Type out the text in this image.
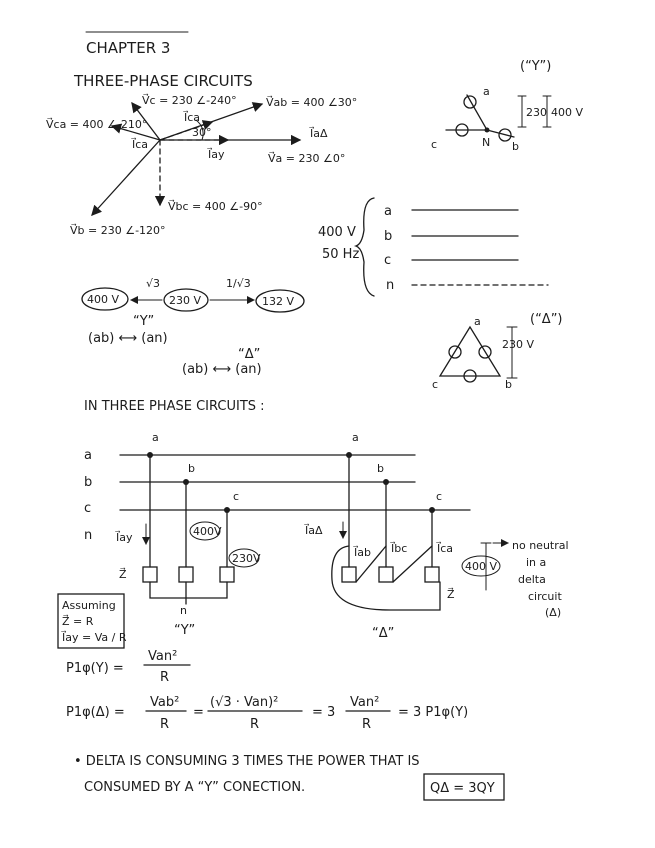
CHAPTER 3
THREE-PHASE CIRCUITS
V⃗c = 230 ∠-240°	V⃗ab = 400 ∠30°
V⃗ca = 400 ∠-210°
I⃗ca
I⃗ca
30°	I⃗aΔ
I⃗ay	V⃗a = 230 ∠0°
V⃗bc = 400 ∠-90°
V⃗b = 230 ∠-120°
(“Y”)
a
c	b
N
230 400 V
400 V
50 Hz
a
b
c
n
√3	1/√3
400 V	230 V	132 V
“Y”
(ab) ⟷ (an)
“Δ”
(ab) ⟷ (an)
(“Δ”)
a
c	b
230 V
IN THREE PHASE CIRCUITS :
a
b
c
n
a
b
c
I⃗ay	400V
230V
Z⃗
n
“Y”
a
b
c
I⃗aΔ
I⃗ab I⃗bc	I⃗ca
400 V
Z⃗
“Δ”
no neutral
in a
delta
circuit
(Δ)
Assuming
Z⃗ = R
I⃗ay = Va / R
P1φ(Y) =
Van²
R
P1φ(Δ) =
Vab²
R
=
(√3 · Van)²
R
= 3
Van²
R
= 3 P1φ(Y)
• DELTA IS CONSUMING 3 TIMES THE POWER THAT IS
CONSUMED BY A “Y” CONECTION.	QΔ = 3QY
